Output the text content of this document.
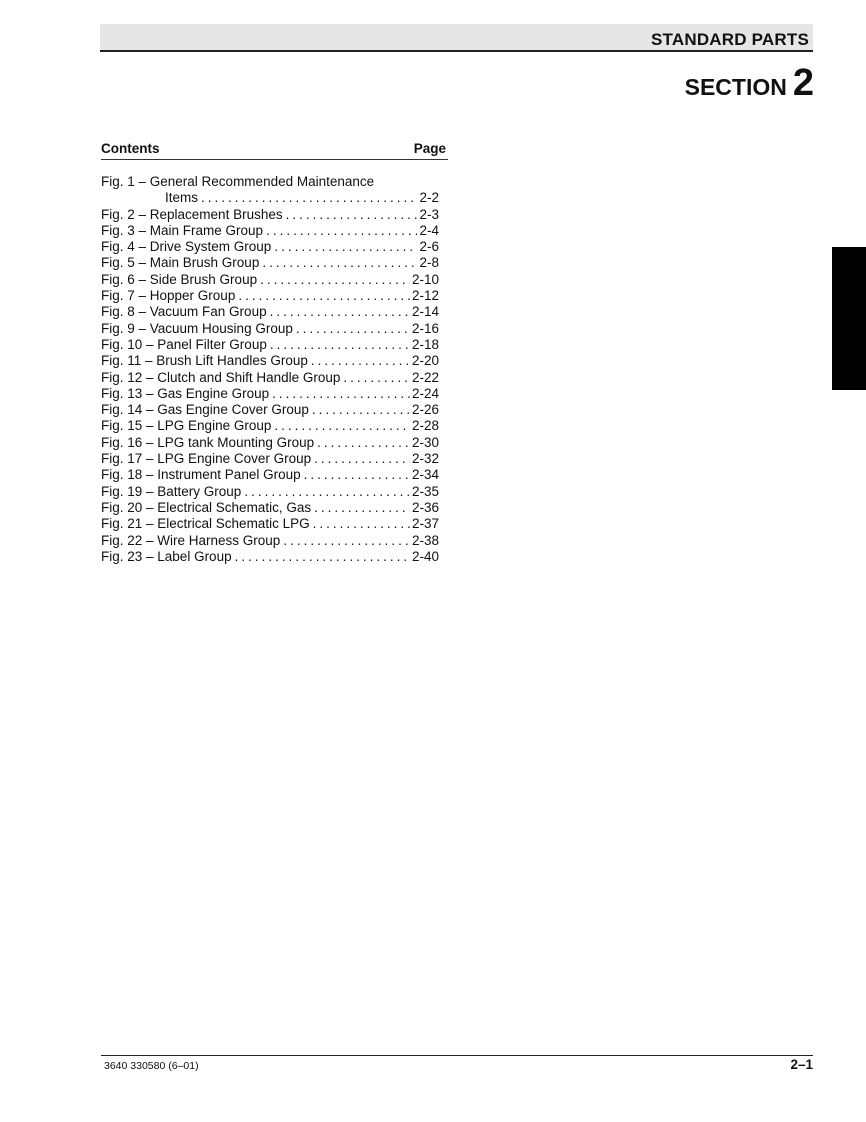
STANDARD PARTS
SECTION 2
Contents	Page
Fig. 1 – General Recommended Maintenance
Items .....	2-2
Fig. 2 – Replacement Brushes .....	2-3
Fig. 3 – Main Frame Group .....	2-4
Fig. 4 – Drive System Group .....	2-6
Fig. 5 – Main Brush Group .....	2-8
Fig. 6 – Side Brush Group .....	2-10
Fig. 7 – Hopper Group .....	2-12
Fig. 8 – Vacuum Fan Group .....	2-14
Fig. 9 – Vacuum Housing Group .....	2-16
Fig. 10 – Panel Filter Group .....	2-18
Fig. 11 – Brush Lift Handles Group .....	2-20
Fig. 12 – Clutch and Shift Handle Group .....	2-22
Fig. 13 – Gas Engine Group .....	2-24
Fig. 14 – Gas Engine Cover Group .....	2-26
Fig. 15 – LPG Engine Group .....	2-28
Fig. 16 – LPG tank Mounting Group .....	2-30
Fig. 17 – LPG Engine Cover Group .....	2-32
Fig. 18 – Instrument Panel Group .....	2-34
Fig. 19 – Battery Group .....	2-35
Fig. 20 – Electrical Schematic, Gas .....	2-36
Fig. 21 – Electrical Schematic LPG .....	2-37
Fig. 22 – Wire Harness Group .....	2-38
Fig. 23 – Label Group .....	2-40
3640 330580 (6–01)	2–1
